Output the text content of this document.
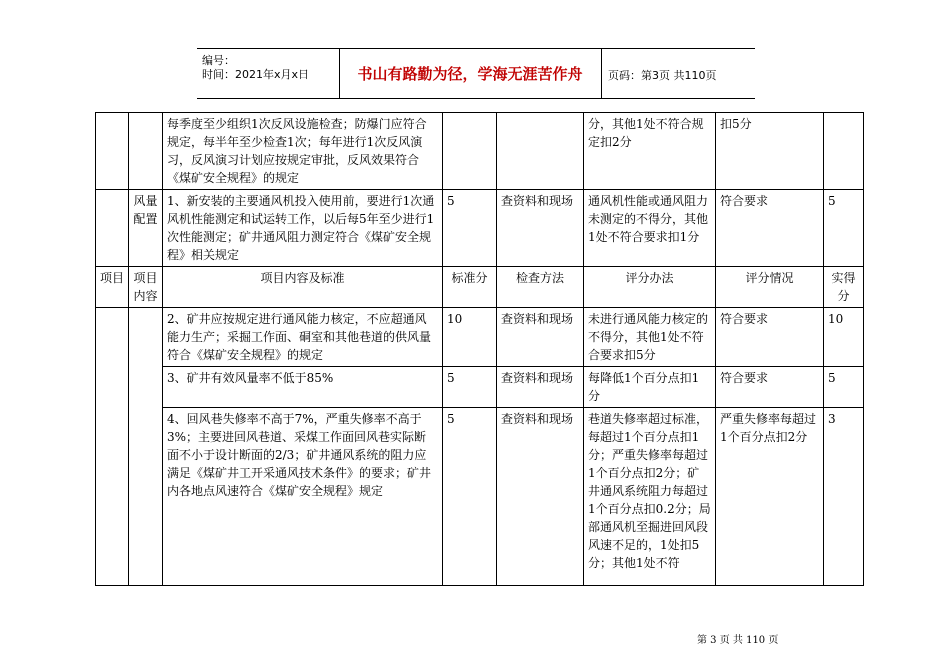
编号：
时间：2021年x月x日	书山有路勤为径，学海无涯苦作舟	页码：第3页 共110页
		每季度至少组织1次反风设施检查；防爆门应符合规定，每半年至少检查1次；每年进行1次反风演习，反风演习计划应按规定审批，反风效果符合《煤矿安全规程》的规定			分，其他1处不符合规定扣2分	扣5分	
	风量配置	1、新安装的主要通风机投入使用前，要进行1次通风机性能测定和试运转工作，以后每5年至少进行1次性能测定；矿井通风阻力测定符合《煤矿安全规程》相关规定	5	查资料和现场	通风机性能或通风阻力未测定的不得分，其他1处不符合要求扣1分	符合要求	5
项目	项目内容	项目内容及标准	标准分	检查方法	评分办法	评分情况	实得分
		2、矿井应按规定进行通风能力核定，不应超通风能力生产；采掘工作面、硐室和其他巷道的供风量符合《煤矿安全规程》的规定	10	查资料和现场	未进行通风能力核定的不得分，其他1处不符合要求扣5分	符合要求	10
		3、矿井有效风量率不低于85%	5	查资料和现场	每降低1个百分点扣1分	符合要求	5
		4、回风巷失修率不高于7%，严重失修率不高于3%；主要进回风巷道、采煤工作面回风巷实际断面不小于设计断面的2/3；矿井通风系统的阻力应满足《煤矿井工开采通风技术条件》的要求；矿井内各地点风速符合《煤矿安全规程》规定	5	查资料和现场	巷道失修率超过标准，每超过1个百分点扣1分；严重失修率每超过1个百分点扣2分；矿井通风系统阻力每超过1个百分点扣0.2分；局部通风机至掘进回风段风速不足的，1处扣5分；其他1处不符	严重失修率每超过1个百分点扣2分	3
第 3 页 共 110 页
